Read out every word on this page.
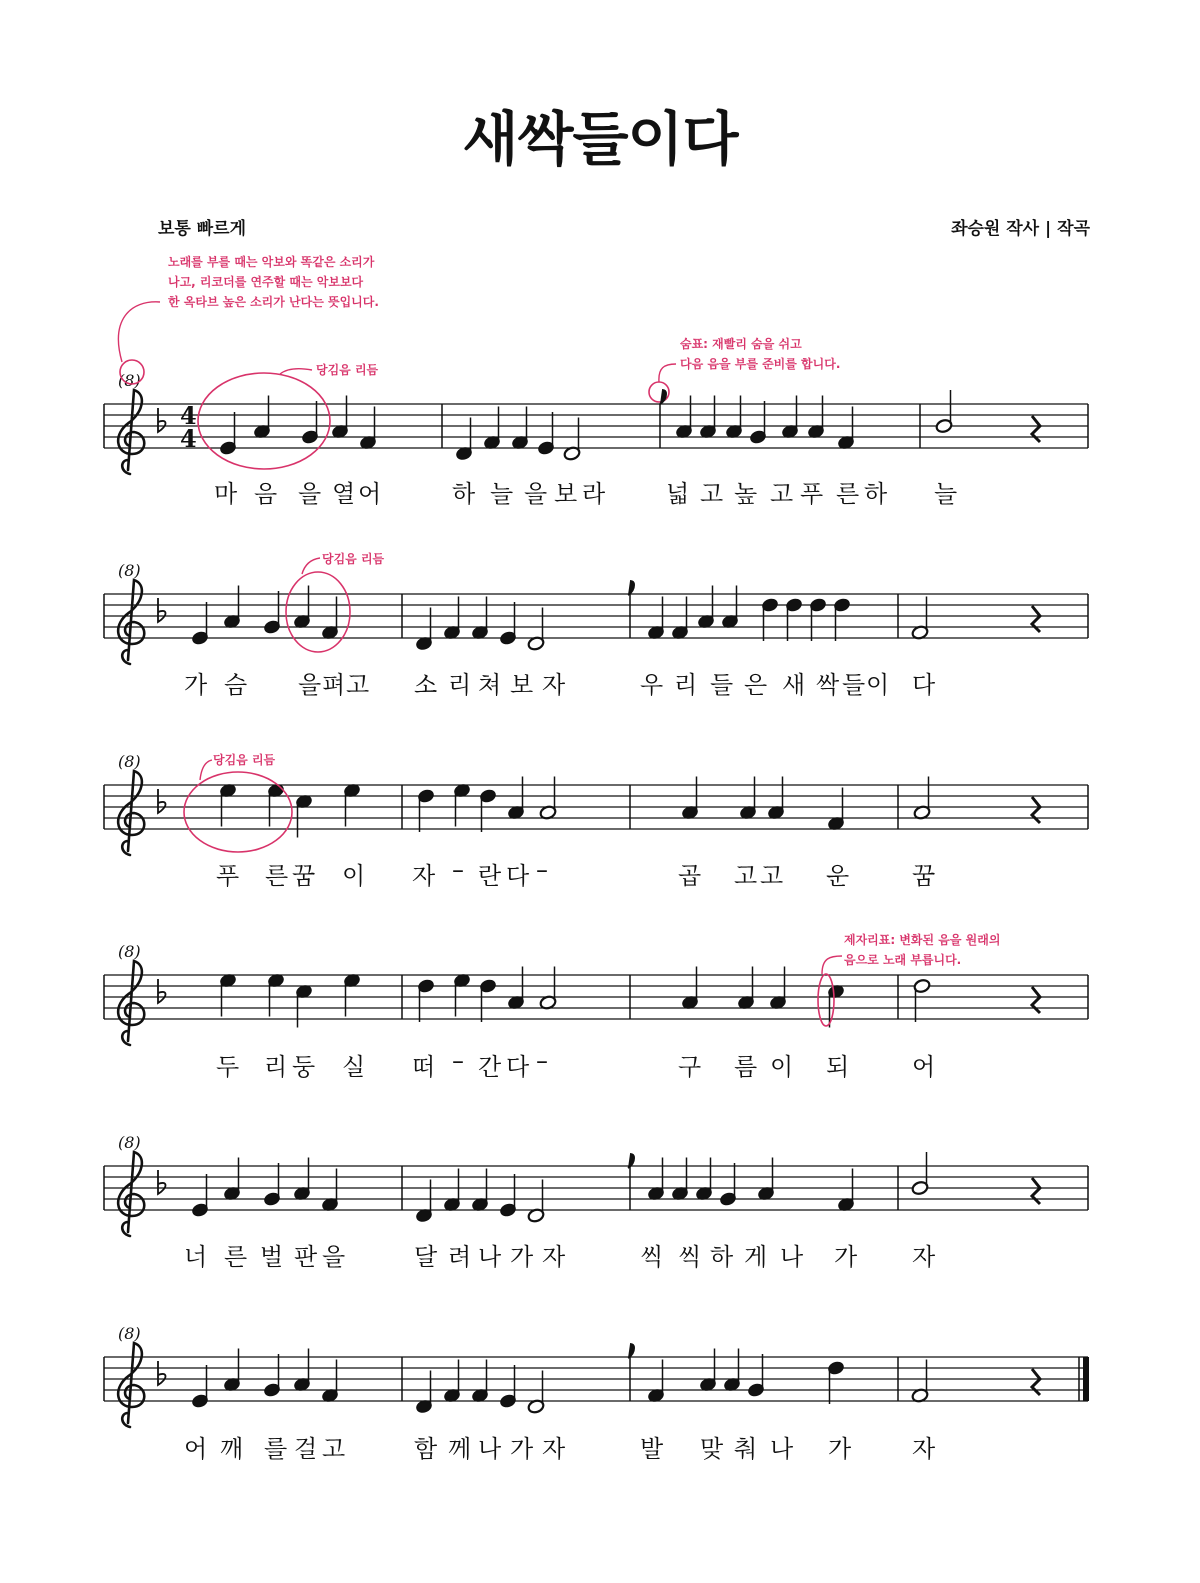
새싹들이다
보통 빠르게	좌승원 작사 | 작곡
노래를 부를 때는 악보와 똑같은 소리가
나고, 리코더를 연주할 때는 악보보다
한 옥타브 높은 소리가 난다는 뜻입니다.
당김음 리듬
숨표: 재빨리 숨을 쉬고
다음 음을 부를 준비를 합니다.
당김음 리듬
당김음 리듬
제자리표: 변화된 음을 원래의
음으로 노래 부릅니다.
(8)
4
4
(8)
(8)
(8)
(8)
(8)
마 음 을 열 어	하 늘 을 보 라	넓 고 높 고 푸 른 하 늘
가 슴 을 펴 고 소 리 쳐 보 자	우 리 들 은 새 싹 들 이 다
푸 른 꿈 이 자 – 란 다 –	곱 고 고 운	꿈
두 리 둥 실 떠 – 간 다 –	구 름 이 되	어
너 른 벌 판 을	달 려 나 가 자	씩 씩 하 게 나 가 자
어 깨 를 걸 고	함 께 나 가 자	발 맞 춰 나 가	자
